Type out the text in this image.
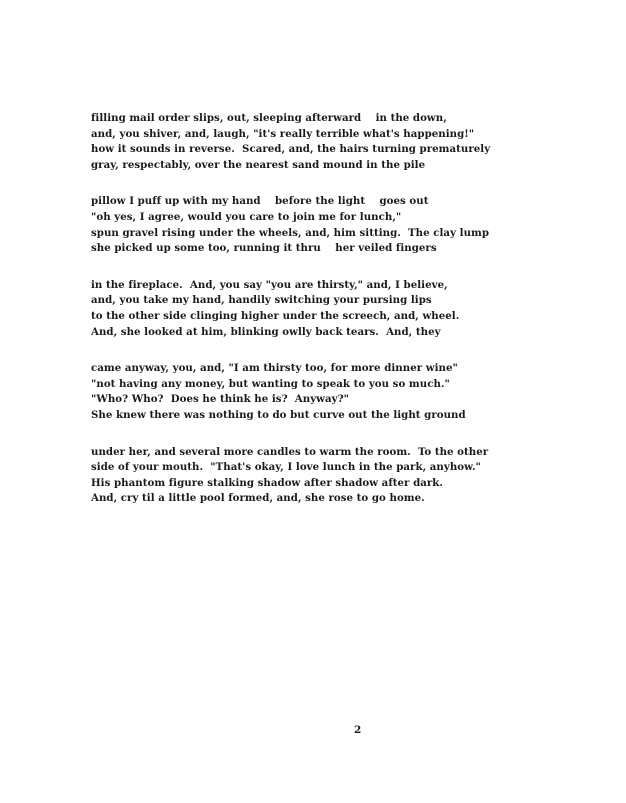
filling mail order slips, out, sleeping afterward    in the down,
and, you shiver, and, laugh, "it's really terrible what's happening!"
how it sounds in reverse.  Scared, and, the hairs turning prematurely
gray, respectably, over the nearest sand mound in the pile
pillow I puff up with my hand    before the light    goes out
"oh yes, I agree, would you care to join me for lunch,"
spun gravel rising under the wheels, and, him sitting.  The clay lump
she picked up some too, running it thru    her veiled fingers
in the fireplace.  And, you say "you are thirsty," and, I believe,
and, you take my hand, handily switching your pursing lips
to the other side clinging higher under the screech, and, wheel.
And, she looked at him, blinking owlly back tears.  And, they
came anyway, you, and, "I am thirsty too, for more dinner wine"
"not having any money, but wanting to speak to you so much."
"Who? Who?  Does he think he is?  Anyway?"
She knew there was nothing to do but curve out the light ground
under her, and several more candles to warm the room.  To the other
side of your mouth.  "That's okay, I love lunch in the park, anyhow."
His phantom figure stalking shadow after shadow after dark.
And, cry til a little pool formed, and, she rose to go home.
2
